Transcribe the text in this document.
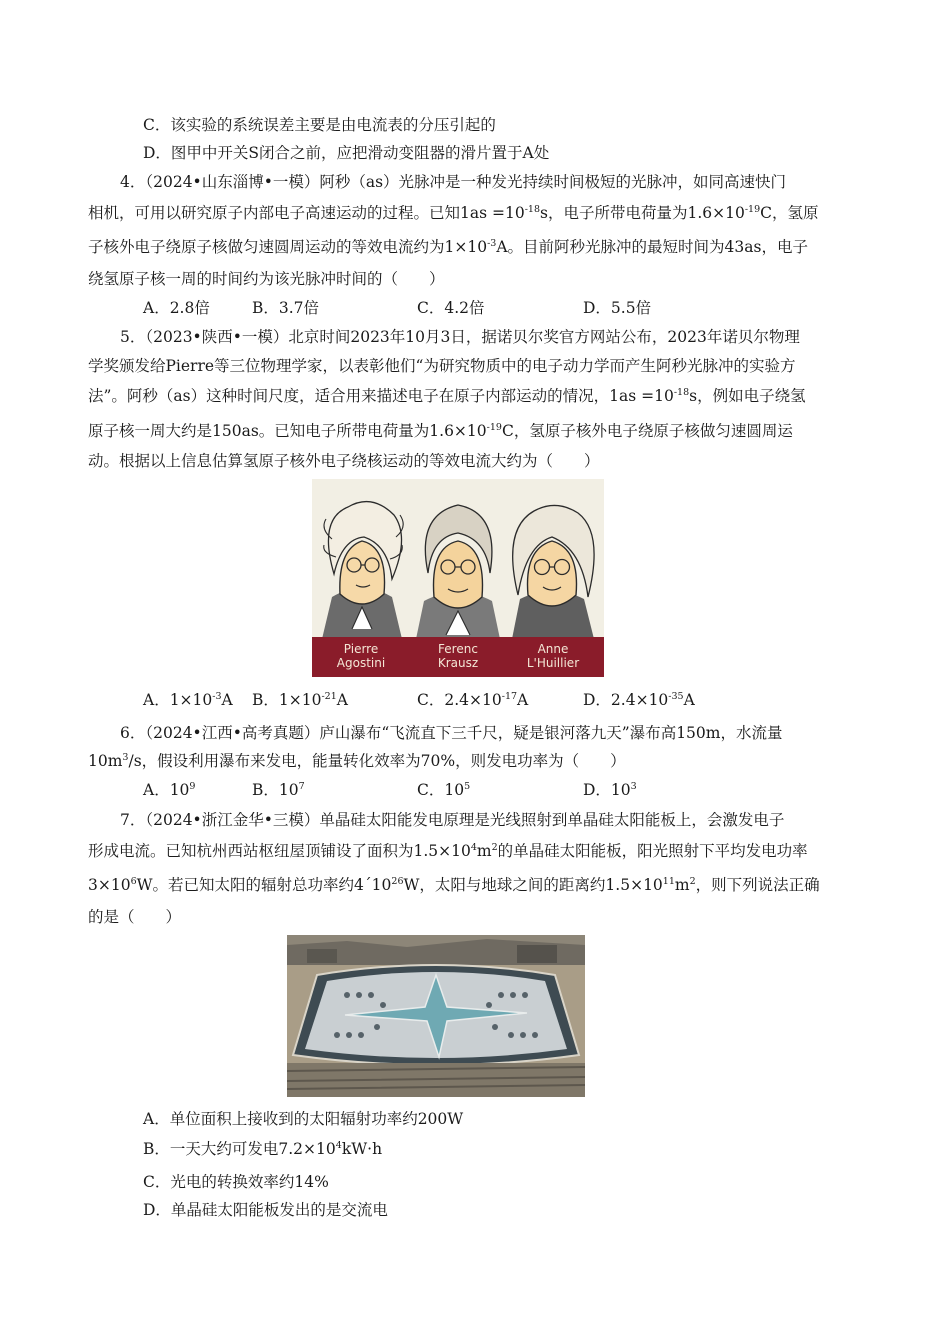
C．该实验的系统误差主要是由电流表的分压引起的
D．图甲中开关S闭合之前，应把滑动变阻器的滑片置于A处
4．（2024•山东淄博•一模）阿秒（as）光脉冲是一种发光持续时间极短的光脉冲，如同高速快门
相机，可用以研究原子内部电子高速运动的过程。已知$1as =10^{-18}s$，电子所带电荷量为$1.6\times 10^{-19}C$，氢原
子核外电子绕原子核做匀速圆周运动的等效电流约为$1\times 10^{-3}A$。目前阿秒光脉冲的最短时间为43as，电子
绕氢原子核一周的时间约为该光脉冲时间的（　　）
A．2.8倍	B．3.7倍	C．4.2倍	D．5.5倍
5．（2023•陕西•一模）北京时间2023年10月3日，据诺贝尔奖官方网站公布，2023年诺贝尔物理
学奖颁发给Pierre等三位物理学家，以表彰他们“为研究物质中的电子动力学而产生阿秒光脉冲的实验方
法”。阿秒（as）这种时间尺度，适合用来描述电子在原子内部运动的情况，$1as =10^{-18}s$，例如电子绕氢
原子核一周大约是150as。已知电子所带电荷量为$1.6\times 10^{-19}C$，氢原子核外电子绕原子核做匀速圆周运
动。根据以上信息估算氢原子核外电子绕核运动的等效电流大约为（　　）
Pierre
Agostini
Ferenc
Krausz
Anne
L'Huillier
A．$1\times 10^{-3}A$ B．$1\times 10^{-21}A$	C．$2.4\times 10^{-17}A$	D．$2.4\times 10^{-35}A$
6．（2024•江西•高考真题）庐山瀑布“飞流直下三千尺，疑是银河落九天”瀑布高150m，水流量
$10m^3/s$，假设利用瀑布来发电，能量转化效率为70%，则发电功率为（　　）
A．$10^9$	B．$10^7$	C．$10^5$	D．$10^3$
7．（2024•浙江金华•三模）单晶硅太阳能发电原理是光线照射到单晶硅太阳能板上，会激发电子
形成电流。已知杭州西站枢纽屋顶铺设了面积为$1.5\times 10^4m^2$的单晶硅太阳能板，阳光照射下平均发电功率
$3\times 10^6W$。若已知太阳的辐射总功率约$4´10^{26}W$，太阳与地球之间的距离约$1.5\times 10^{11}m^2$，则下列说法正确
的是（　　）
A．单位面积上接收到的太阳辐射功率约200W
B．一天大约可发电$7.2\times 10^4kW\cdot h$
C．光电的转换效率约14%
D．单晶硅太阳能板发出的是交流电
